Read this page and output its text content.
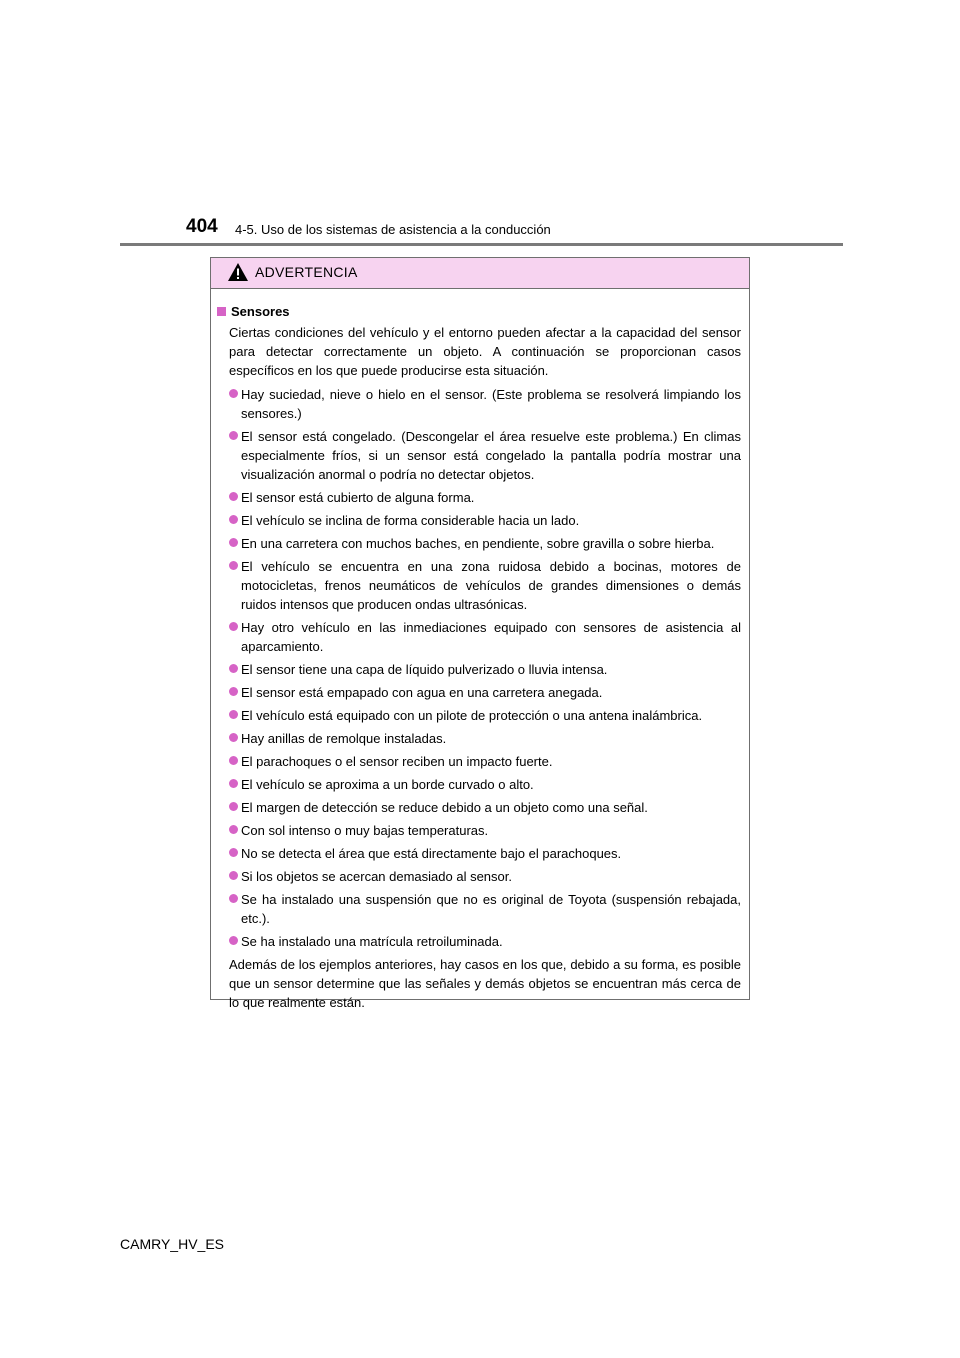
404 4-5. Uso de los sistemas de asistencia a la conducción
ADVERTENCIA
Sensores
Ciertas condiciones del vehículo y el entorno pueden afectar a la capacidad del sensor para detectar correctamente un objeto. A continuación se proporcionan casos específicos en los que puede producirse esta situación.
Hay suciedad, nieve o hielo en el sensor. (Este problema se resolverá limpiando los sensores.)
El sensor está congelado. (Descongelar el área resuelve este problema.) En climas especialmente fríos, si un sensor está congelado la pantalla podría mostrar una visualización anormal o podría no detectar objetos.
El sensor está cubierto de alguna forma.
El vehículo se inclina de forma considerable hacia un lado.
En una carretera con muchos baches, en pendiente, sobre gravilla o sobre hierba.
El vehículo se encuentra en una zona ruidosa debido a bocinas, motores de motocicletas, frenos neumáticos de vehículos de grandes dimensiones o demás ruidos intensos que producen ondas ultrasónicas.
Hay otro vehículo en las inmediaciones equipado con sensores de asistencia al aparcamiento.
El sensor tiene una capa de líquido pulverizado o lluvia intensa.
El sensor está empapado con agua en una carretera anegada.
El vehículo está equipado con un pilote de protección o una antena inalámbrica.
Hay anillas de remolque instaladas.
El parachoques o el sensor reciben un impacto fuerte.
El vehículo se aproxima a un borde curvado o alto.
El margen de detección se reduce debido a un objeto como una señal.
Con sol intenso o muy bajas temperaturas.
No se detecta el área que está directamente bajo el parachoques.
Si los objetos se acercan demasiado al sensor.
Se ha instalado una suspensión que no es original de Toyota (suspensión rebajada, etc.).
Se ha instalado una matrícula retroiluminada.
Además de los ejemplos anteriores, hay casos en los que, debido a su forma, es posible que un sensor determine que las señales y demás objetos se encuentran más cerca de lo que realmente están.
CAMRY_HV_ES
